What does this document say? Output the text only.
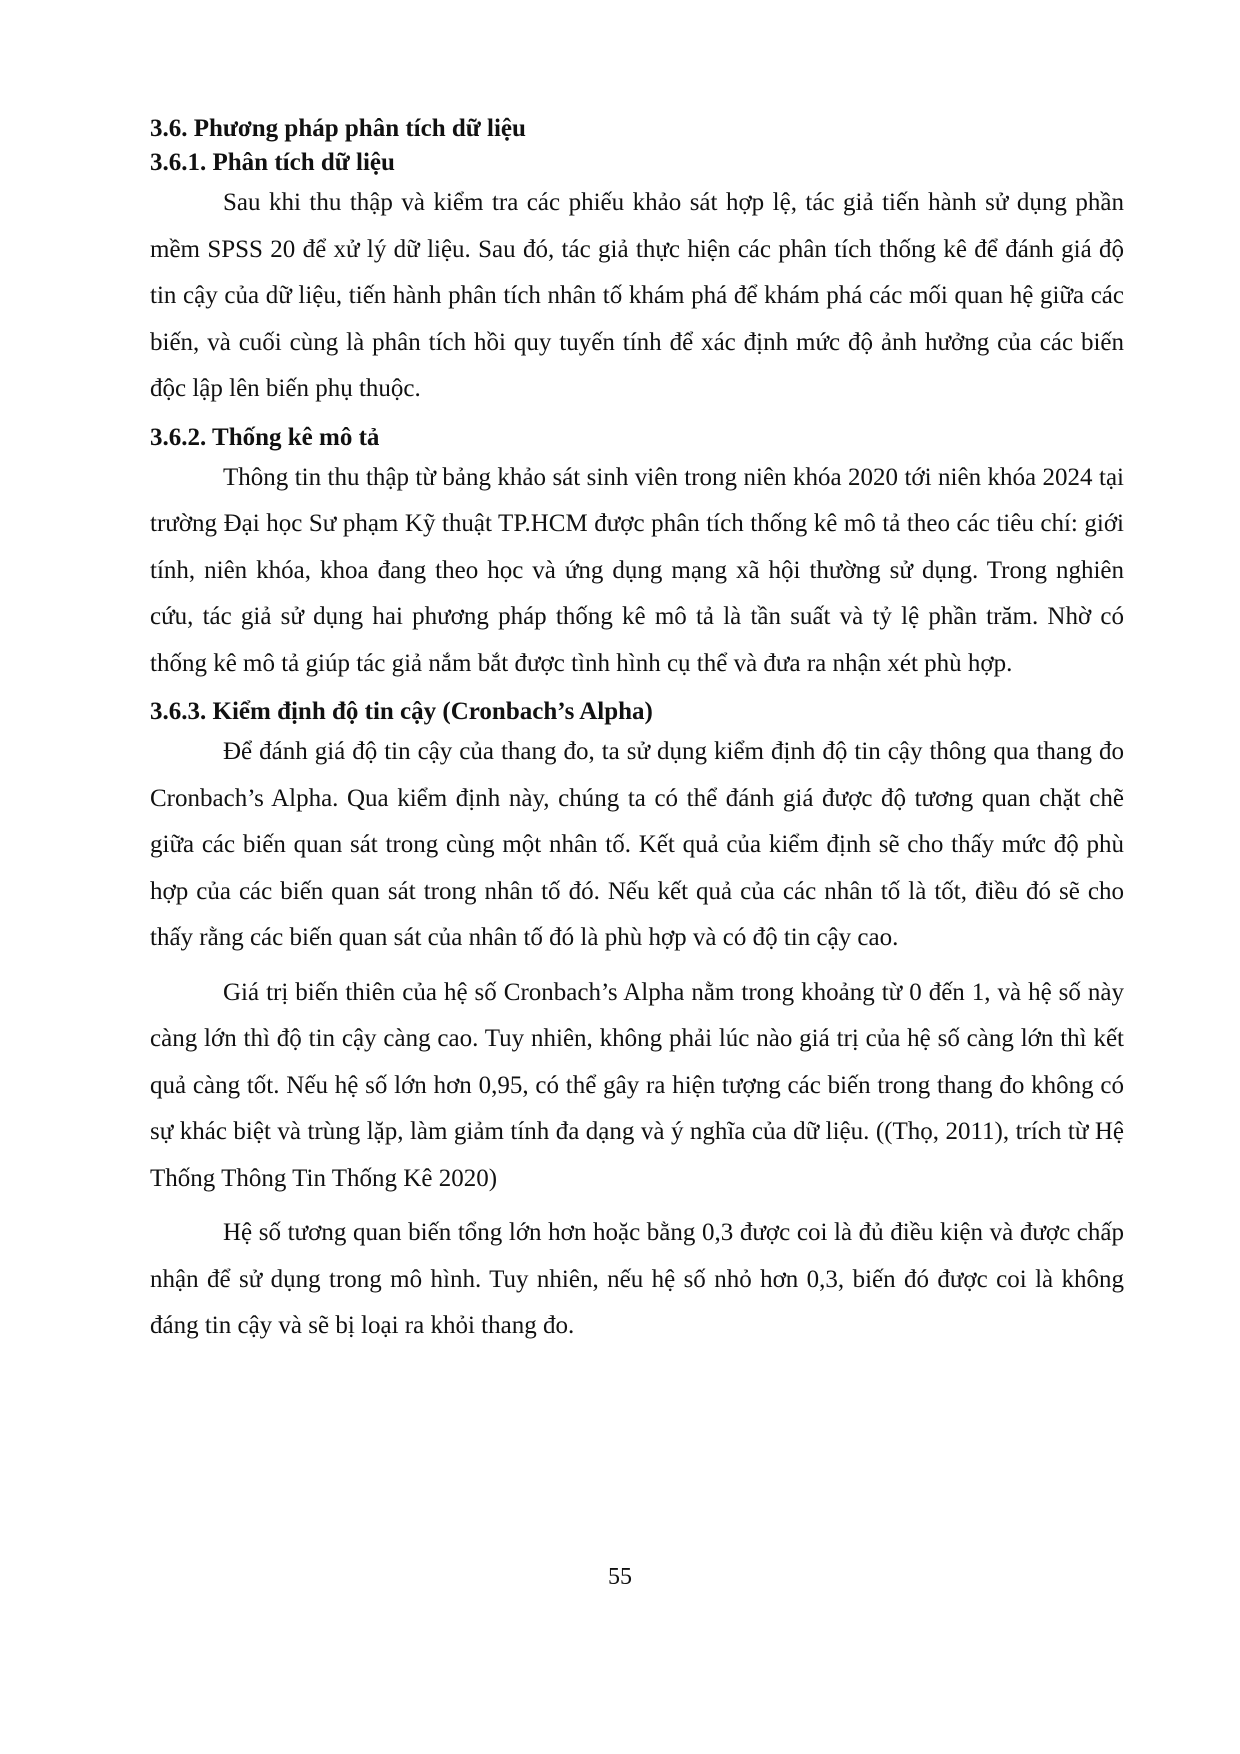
3.6. Phương pháp phân tích dữ liệu
3.6.1. Phân tích dữ liệu

Sau khi thu thập và kiểm tra các phiếu khảo sát hợp lệ, tác giả tiến hành sử dụng phần mềm SPSS 20 để xử lý dữ liệu. Sau đó, tác giả thực hiện các phân tích thống kê để đánh giá độ tin cậy của dữ liệu, tiến hành phân tích nhân tố khám phá để khám phá các mối quan hệ giữa các biến, và cuối cùng là phân tích hồi quy tuyến tính để xác định mức độ ảnh hưởng của các biến độc lập lên biến phụ thuộc.

3.6.2. Thống kê mô tả

Thông tin thu thập từ bảng khảo sát sinh viên trong niên khóa 2020 tới niên khóa 2024 tại trường Đại học Sư phạm Kỹ thuật TP.HCM được phân tích thống kê mô tả theo các tiêu chí: giới tính, niên khóa, khoa đang theo học và ứng dụng mạng xã hội thường sử dụng. Trong nghiên cứu, tác giả sử dụng hai phương pháp thống kê mô tả là tần suất và tỷ lệ phần trăm. Nhờ có thống kê mô tả giúp tác giả nắm bắt được tình hình cụ thể và đưa ra nhận xét phù hợp.

3.6.3. Kiểm định độ tin cậy (Cronbach’s Alpha)

Để đánh giá độ tin cậy của thang đo, ta sử dụng kiểm định độ tin cậy thông qua thang đo Cronbach’s Alpha. Qua kiểm định này, chúng ta có thể đánh giá được độ tương quan chặt chẽ giữa các biến quan sát trong cùng một nhân tố. Kết quả của kiểm định sẽ cho thấy mức độ phù hợp của các biến quan sát trong nhân tố đó. Nếu kết quả của các nhân tố là tốt, điều đó sẽ cho thấy rằng các biến quan sát của nhân tố đó là phù hợp và có độ tin cậy cao.

Giá trị biến thiên của hệ số Cronbach’s Alpha nằm trong khoảng từ 0 đến 1, và hệ số này càng lớn thì độ tin cậy càng cao. Tuy nhiên, không phải lúc nào giá trị của hệ số càng lớn thì kết quả càng tốt. Nếu hệ số lớn hơn 0,95, có thể gây ra hiện tượng các biến trong thang đo không có sự khác biệt và trùng lặp, làm giảm tính đa dạng và ý nghĩa của dữ liệu. ((Thọ, 2011), trích từ Hệ Thống Thông Tin Thống Kê 2020)

Hệ số tương quan biến tổng lớn hơn hoặc bằng 0,3 được coi là đủ điều kiện và được chấp nhận để sử dụng trong mô hình. Tuy nhiên, nếu hệ số nhỏ hơn 0,3, biến đó được coi là không đáng tin cậy và sẽ bị loại ra khỏi thang đo.

55
